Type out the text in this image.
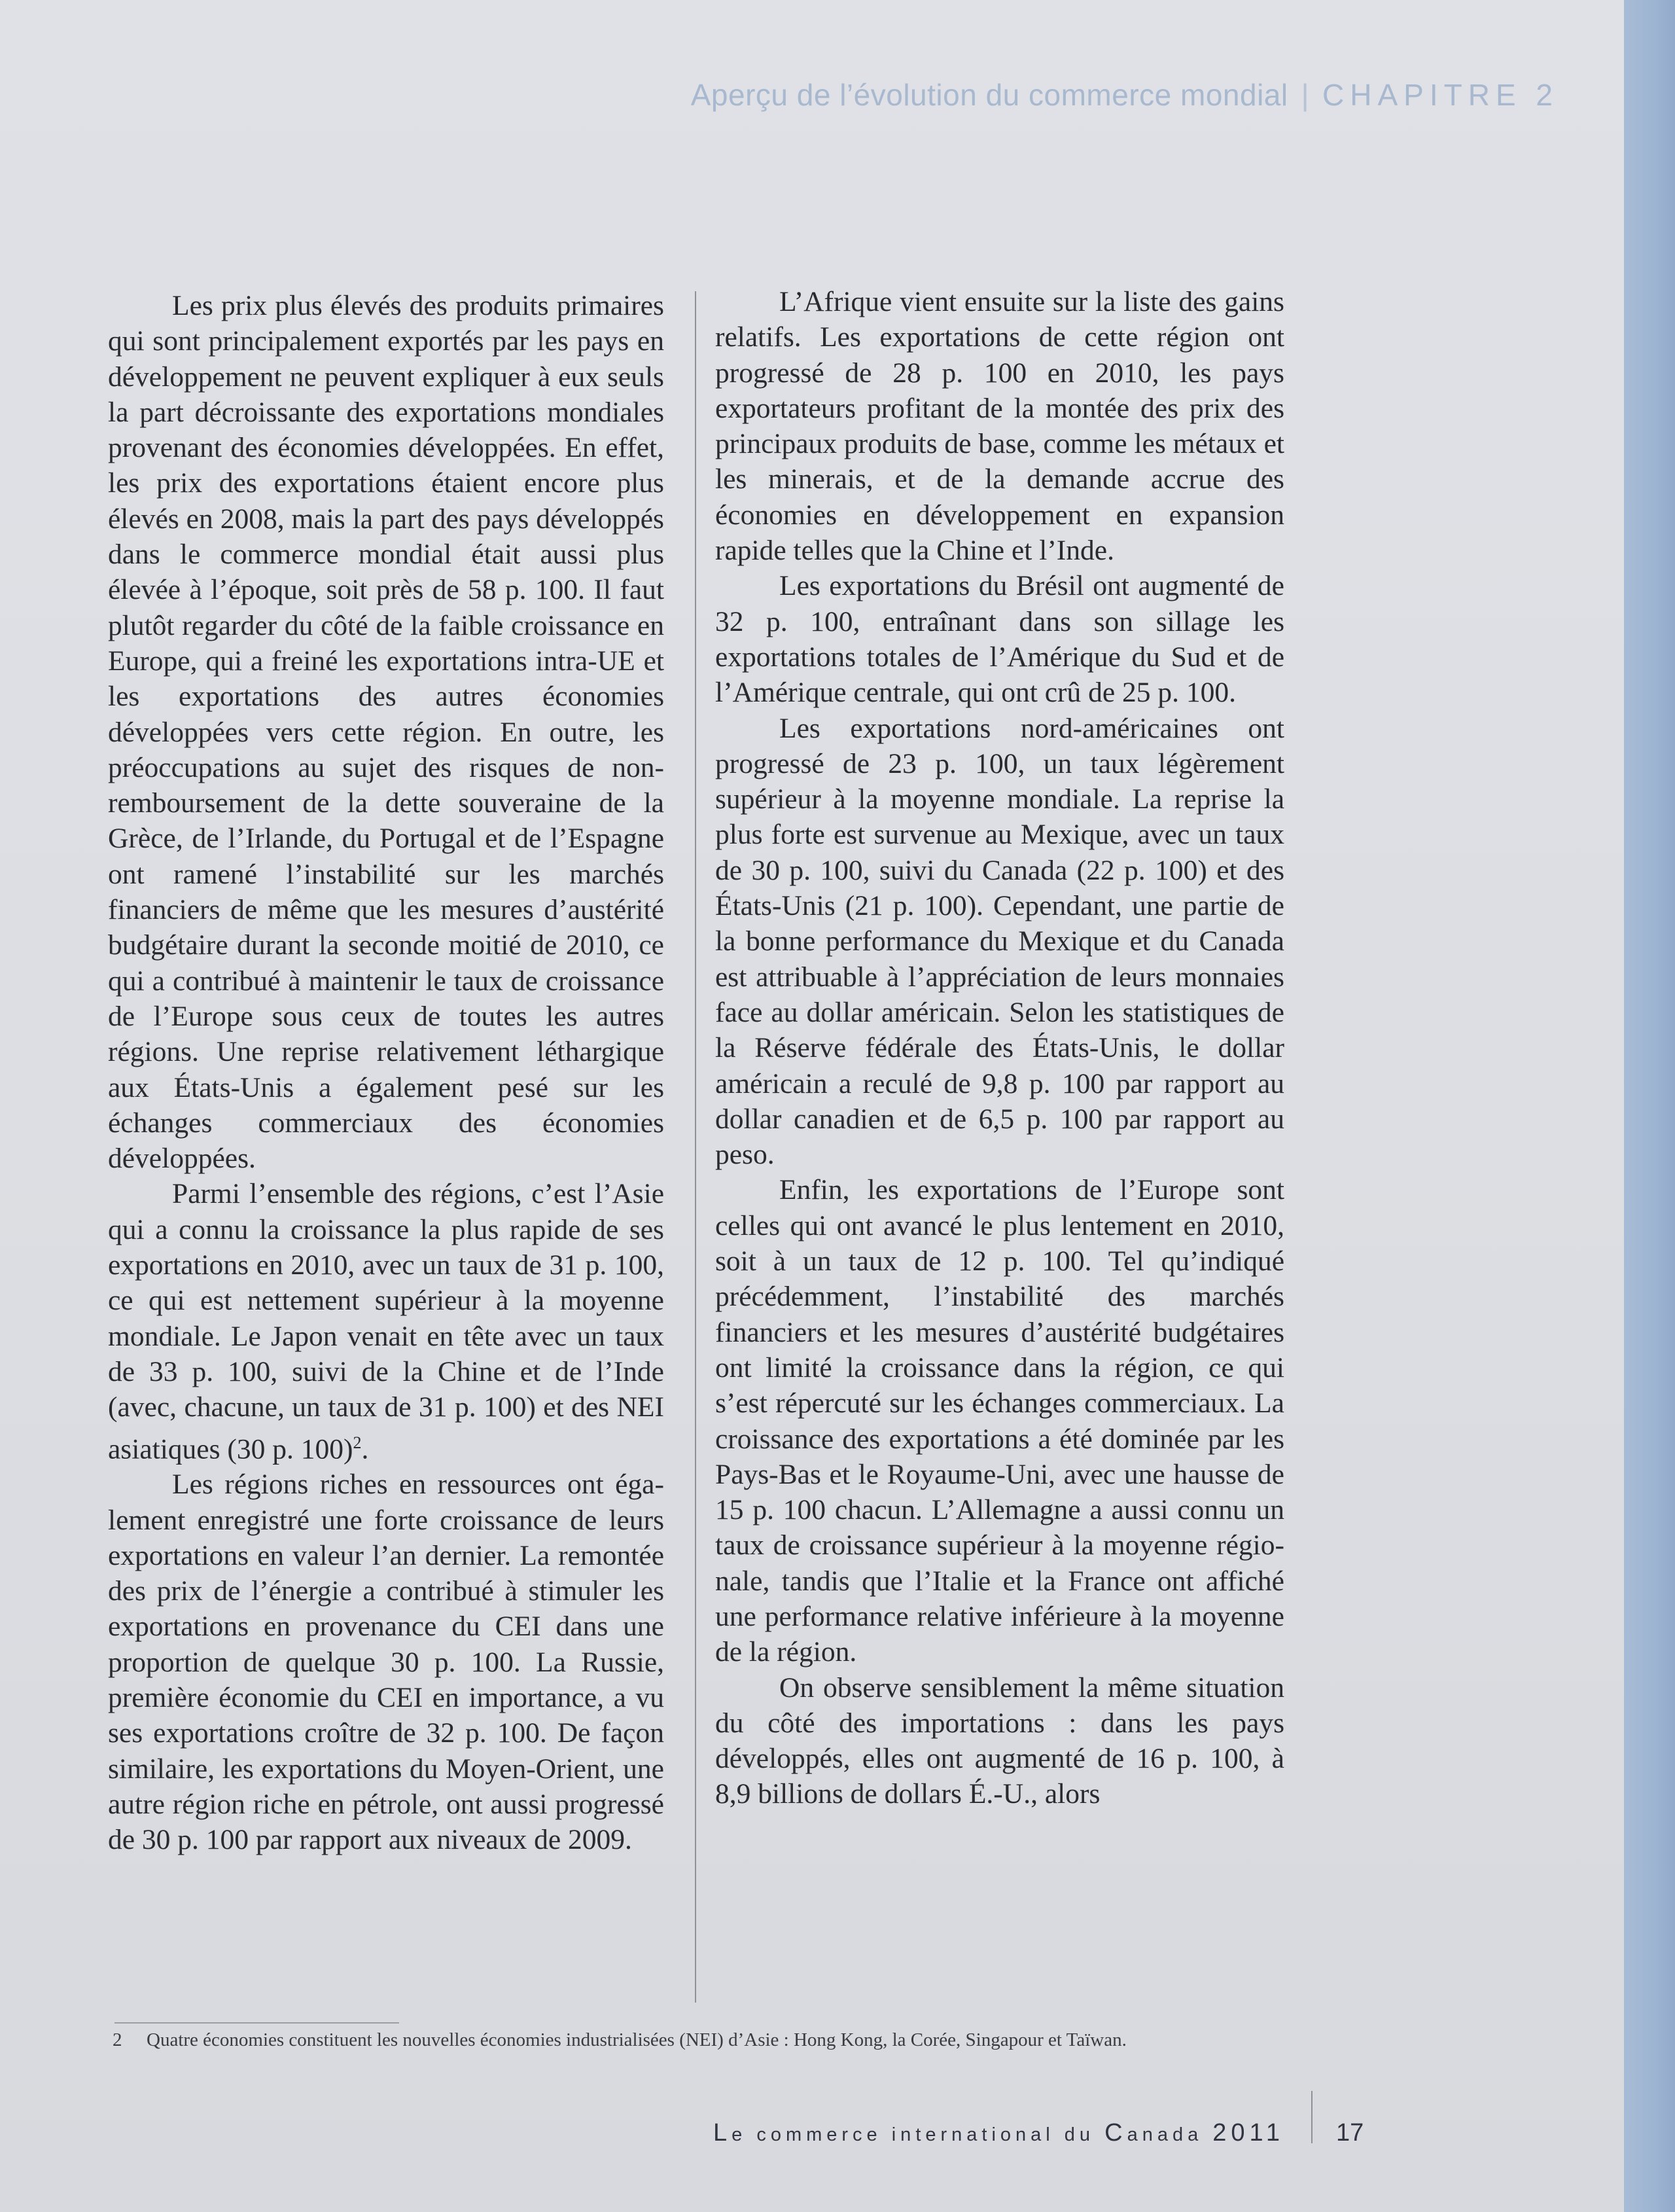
Aperçu de l’évolution du commerce mondial | CHAPITRE 2

Les prix plus élevés des produits primaires qui sont principalement exportés par les pays en développement ne peuvent expliquer à eux seuls la part décroissante des exportations mondiales provenant des économies développées. En effet, les prix des exportations étaient encore plus élevés en 2008, mais la part des pays développés dans le commerce mondial était aussi plus élevée à l’époque, soit près de 58 p. 100. Il faut plutôt regarder du côté de la faible croissance en Europe, qui a freiné les exportations intra-UE et les exportations des autres économies développées vers cette région. En outre, les préoccupations au sujet des risques de non-remboursement de la dette souveraine de la Grèce, de l’Irlande, du Portugal et de l’Espagne ont ramené l’instabilité sur les marchés financiers de même que les mesures d’austérité budgétaire durant la seconde moitié de 2010, ce qui a contribué à maintenir le taux de croissance de l’Europe sous ceux de toutes les autres régions. Une reprise relativement léthargique aux États-Unis a également pesé sur les échanges commerciaux des économies développées.

Parmi l’ensemble des régions, c’est l’Asie qui a connu la croissance la plus rapide de ses exportations en 2010, avec un taux de 31 p. 100, ce qui est nettement supérieur à la moyenne mondiale. Le Japon venait en tête avec un taux de 33 p. 100, suivi de la Chine et de l’Inde (avec, chacune, un taux de 31 p. 100) et des NEI asiatiques (30 p. 100)$^2$.

Les régions riches en ressources ont également enregistré une forte croissance de leurs exportations en valeur l’an dernier. La remontée des prix de l’énergie a contribué à stimuler les exportations en provenance du CEI dans une proportion de quelque 30 p. 100. La Russie, première économie du CEI en importance, a vu ses exportations croître de 32 p. 100. De façon similaire, les exportations du Moyen-Orient, une autre région riche en pétrole, ont aussi progressé de 30 p. 100 par rapport aux niveaux de 2009.

L’Afrique vient ensuite sur la liste des gains relatifs. Les exportations de cette région ont progressé de 28 p. 100 en 2010, les pays exportateurs profitant de la montée des prix des principaux produits de base, comme les métaux et les minerais, et de la demande accrue des économies en développement en expansion rapide telles que la Chine et l’Inde.

Les exportations du Brésil ont augmenté de 32 p. 100, entraînant dans son sillage les exportations totales de l’Amérique du Sud et de l’Amérique centrale, qui ont crû de 25 p. 100.

Les exportations nord-américaines ont progressé de 23 p. 100, un taux légèrement supérieur à la moyenne mondiale. La reprise la plus forte est survenue au Mexique, avec un taux de 30 p. 100, suivi du Canada (22 p. 100) et des États-Unis (21 p. 100). Cependant, une partie de la bonne performance du Mexique et du Canada est attribuable à l’appréciation de leurs monnaies face au dollar américain. Selon les statistiques de la Réserve fédérale des États-Unis, le dollar américain a reculé de 9,8 p. 100 par rapport au dollar canadien et de 6,5 p. 100 par rapport au peso.

Enfin, les exportations de l’Europe sont celles qui ont avancé le plus lentement en 2010, soit à un taux de 12 p. 100. Tel qu’indiqué précédemment, l’instabilité des marchés financiers et les mesures d’austérité budgétaires ont limité la croissance dans la région, ce qui s’est répercuté sur les échanges commerciaux. La croissance des exportations a été dominée par les Pays-Bas et le Royaume-Uni, avec une hausse de 15 p. 100 chacun. L’Allemagne a aussi connu un taux de croissance supérieur à la moyenne régionale, tandis que l’Italie et la France ont affiché une performance relative inférieure à la moyenne de la région.

On observe sensiblement la même situation du côté des importations : dans les pays développés, elles ont augmenté de 16 p. 100, à 8,9 billions de dollars É.-U., alors

2 Quatre économies constituent les nouvelles économies industrialisées (NEI) d’Asie : Hong Kong, la Corée, Singapour et Taïwan.
Le commerce international du Canada 2011 17
